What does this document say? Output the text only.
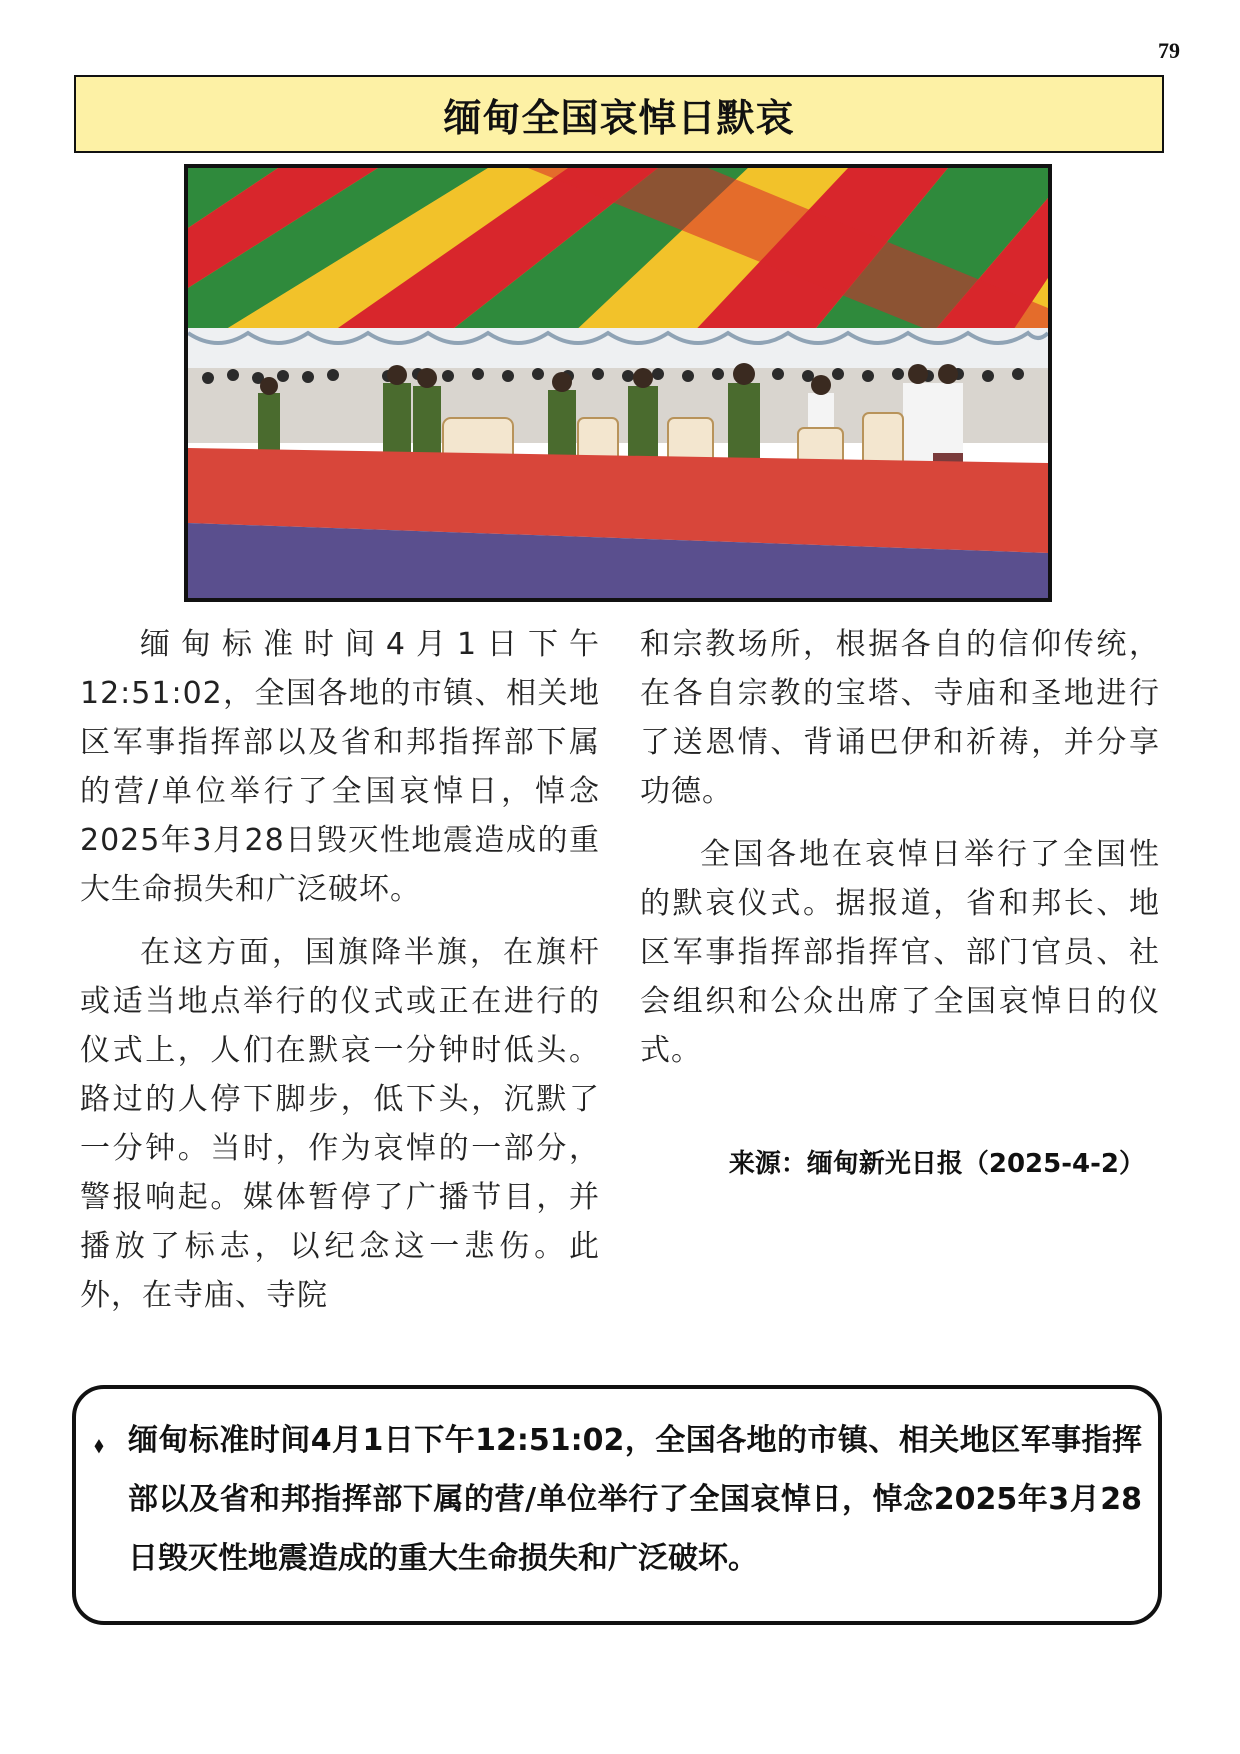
79
缅甸全国哀悼日默哀

缅甸标准时间4月1日下午12:51:02，全国各地的市镇、相关地区军事指挥部以及省和邦指挥部下属的营/单位举行了全国哀悼日，悼念2025年3月28日毁灭性地震造成的重大生命损失和广泛破坏。

在这方面，国旗降半旗，在旗杆或适当地点举行的仪式或正在进行的仪式上，人们在默哀一分钟时低头。路过的人停下脚步，低下头，沉默了一分钟。当时，作为哀悼的一部分，警报响起。媒体暂停了广播节目，并播放了标志，以纪念这一悲伤。此外，在寺庙、寺院

和宗教场所，根据各自的信仰传统，在各自宗教的宝塔、寺庙和圣地进行了送恩情、背诵巴伊和祈祷，并分享功德。

全国各地在哀悼日举行了全国性的默哀仪式。据报道，省和邦长、地区军事指挥部指挥官、部门官员、社会组织和公众出席了全国哀悼日的仪式。

来源：缅甸新光日报（2025-4-2）
⬧ 缅甸标准时间4月1日下午12:51:02，全国各地的市镇、相关地区军事指挥部以及省和邦指挥部下属的营/单位举行了全国哀悼日，悼念2025年3月28日毁灭性地震造成的重大生命损失和广泛破坏。
